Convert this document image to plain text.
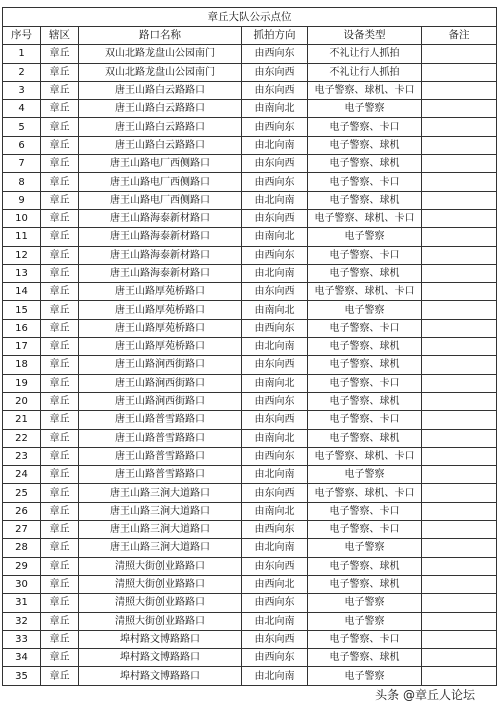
章丘大队公示点位					
序号	辖区	路口名称	抓拍方向	设备类型	备注
1	章丘	双山北路龙盘山公园南门	由西向东	不礼让行人抓拍	
2	章丘	双山北路龙盘山公园南门	由东向西	不礼让行人抓拍	
3	章丘	唐王山路白云路路口	由东向西	电子警察、球机、卡口	
4	章丘	唐王山路白云路路口	由南向北	电子警察	
5	章丘	唐王山路白云路路口	由西向东	电子警察、卡口	
6	章丘	唐王山路白云路路口	由北向南	电子警察、球机	
7	章丘	唐王山路电厂西侧路口	由东向西	电子警察、球机	
8	章丘	唐王山路电厂西侧路口	由西向东	电子警察、卡口	
9	章丘	唐王山路电厂西侧路口	由北向南	电子警察、球机	
10	章丘	唐王山路海泰新材路口	由东向西	电子警察、球机、卡口	
11	章丘	唐王山路海泰新材路口	由南向北	电子警察	
12	章丘	唐王山路海泰新材路口	由西向东	电子警察、卡口	
13	章丘	唐王山路海泰新材路口	由北向南	电子警察、球机	
14	章丘	唐王山路厚苑桥路口	由东向西	电子警察、球机、卡口	
15	章丘	唐王山路厚苑桥路口	由南向北	电子警察	
16	章丘	唐王山路厚苑桥路口	由西向东	电子警察、卡口	
17	章丘	唐王山路厚苑桥路口	由北向南	电子警察、球机	
18	章丘	唐王山路涧西街路口	由东向西	电子警察、球机	
19	章丘	唐王山路涧西街路口	由南向北	电子警察、卡口	
20	章丘	唐王山路涧西街路口	由西向东	电子警察、球机	
21	章丘	唐王山路普雪路路口	由东向西	电子警察、卡口	
22	章丘	唐王山路普雪路路口	由南向北	电子警察、球机	
23	章丘	唐王山路普雪路路口	由西向东	电子警察、球机、卡口	
24	章丘	唐王山路普雪路路口	由北向南	电子警察	
25	章丘	唐王山路三涧大道路口	由东向西	电子警察、球机、卡口	
26	章丘	唐王山路三涧大道路口	由南向北	电子警察、卡口	
27	章丘	唐王山路三涧大道路口	由西向东	电子警察、卡口	
28	章丘	唐王山路三涧大道路口	由北向南	电子警察	
29	章丘	清照大街创业路路口	由东向西	电子警察、球机	
30	章丘	清照大街创业路路口	由西向北	电子警察、球机	
31	章丘	清照大街创业路路口	由西向东	电子警察	
32	章丘	清照大街创业路路口	由北向南	电子警察	
33	章丘	埠村路文博路路口	由东向西	电子警察、卡口	
34	章丘	埠村路文博路路口	由西向东	电子警察、球机	
35	章丘	埠村路文博路路口	由北向南	电子警察	
头条 @章丘人论坛
